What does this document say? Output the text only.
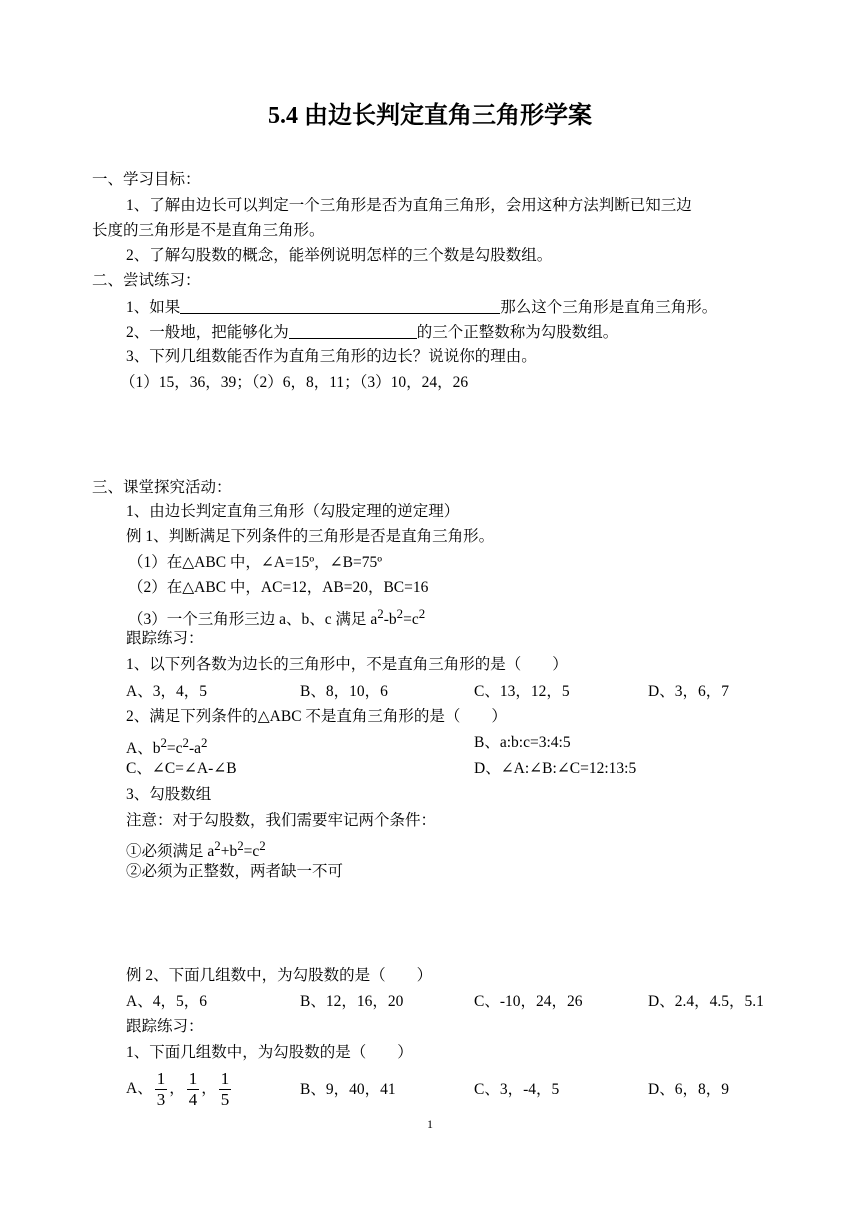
5.4 由边长判定直角三角形学案
一、学习目标：
1、了解由边长可以判定一个三角形是否为直角三角形，会用这种方法判断已知三边
长度的三角形是不是直角三角形。
2、了解勾股数的概念，能举例说明怎样的三个数是勾股数组。
二、尝试练习：
1、如果	那么这个三角形是直角三角形。
2、一般地，把能够化为	的三个正整数称为勾股数组。
3、下列几组数能否作为直角三角形的边长？说说你的理由。
（1）15，36，39；（2）6，8，11；（3）10，24，26
三、课堂探究活动：
1、由边长判定直角三角形（勾股定理的逆定理）
例 1、判断满足下列条件的三角形是否是直角三角形。
（1）在△ABC 中，∠A=15º，∠B=75º
（2）在△ABC 中，AC=12，AB=20，BC=16
（3）一个三角形三边 a、b、c 满足 $a^2-b^2=c^2$
跟踪练习：
1、以下列各数为边长的三角形中，不是直角三角形的是（　　）
A、3，4，5	B、8，10，6	C、13，12，5	D、3，6，7
2、满足下列条件的△ABC 不是直角三角形的是（　　）
A、$b^2=c^2-a^2$	B、a:b:c=3:4:5
C、∠C=∠A-∠B	D、∠A:∠B:∠C=12:13:5
3、勾股数组
注意：对于勾股数，我们需要牢记两个条件：
①必须满足 $a^2+b^2=c^2$
②必须为正整数，两者缺一不可
例 2、下面几组数中，为勾股数的是（　　）
A、4，5，6	B、12，16，20	C、-10，24，26	D、2.4，4.5，5.1
跟踪练习：
1、下面几组数中，为勾股数的是（　　）
A、 $\frac{1}{3}$ ， $\frac{1}{4}$ ， $\frac{1}{5}$	B、9，40，41	C、3，-4，5	D、6，8，9
1
